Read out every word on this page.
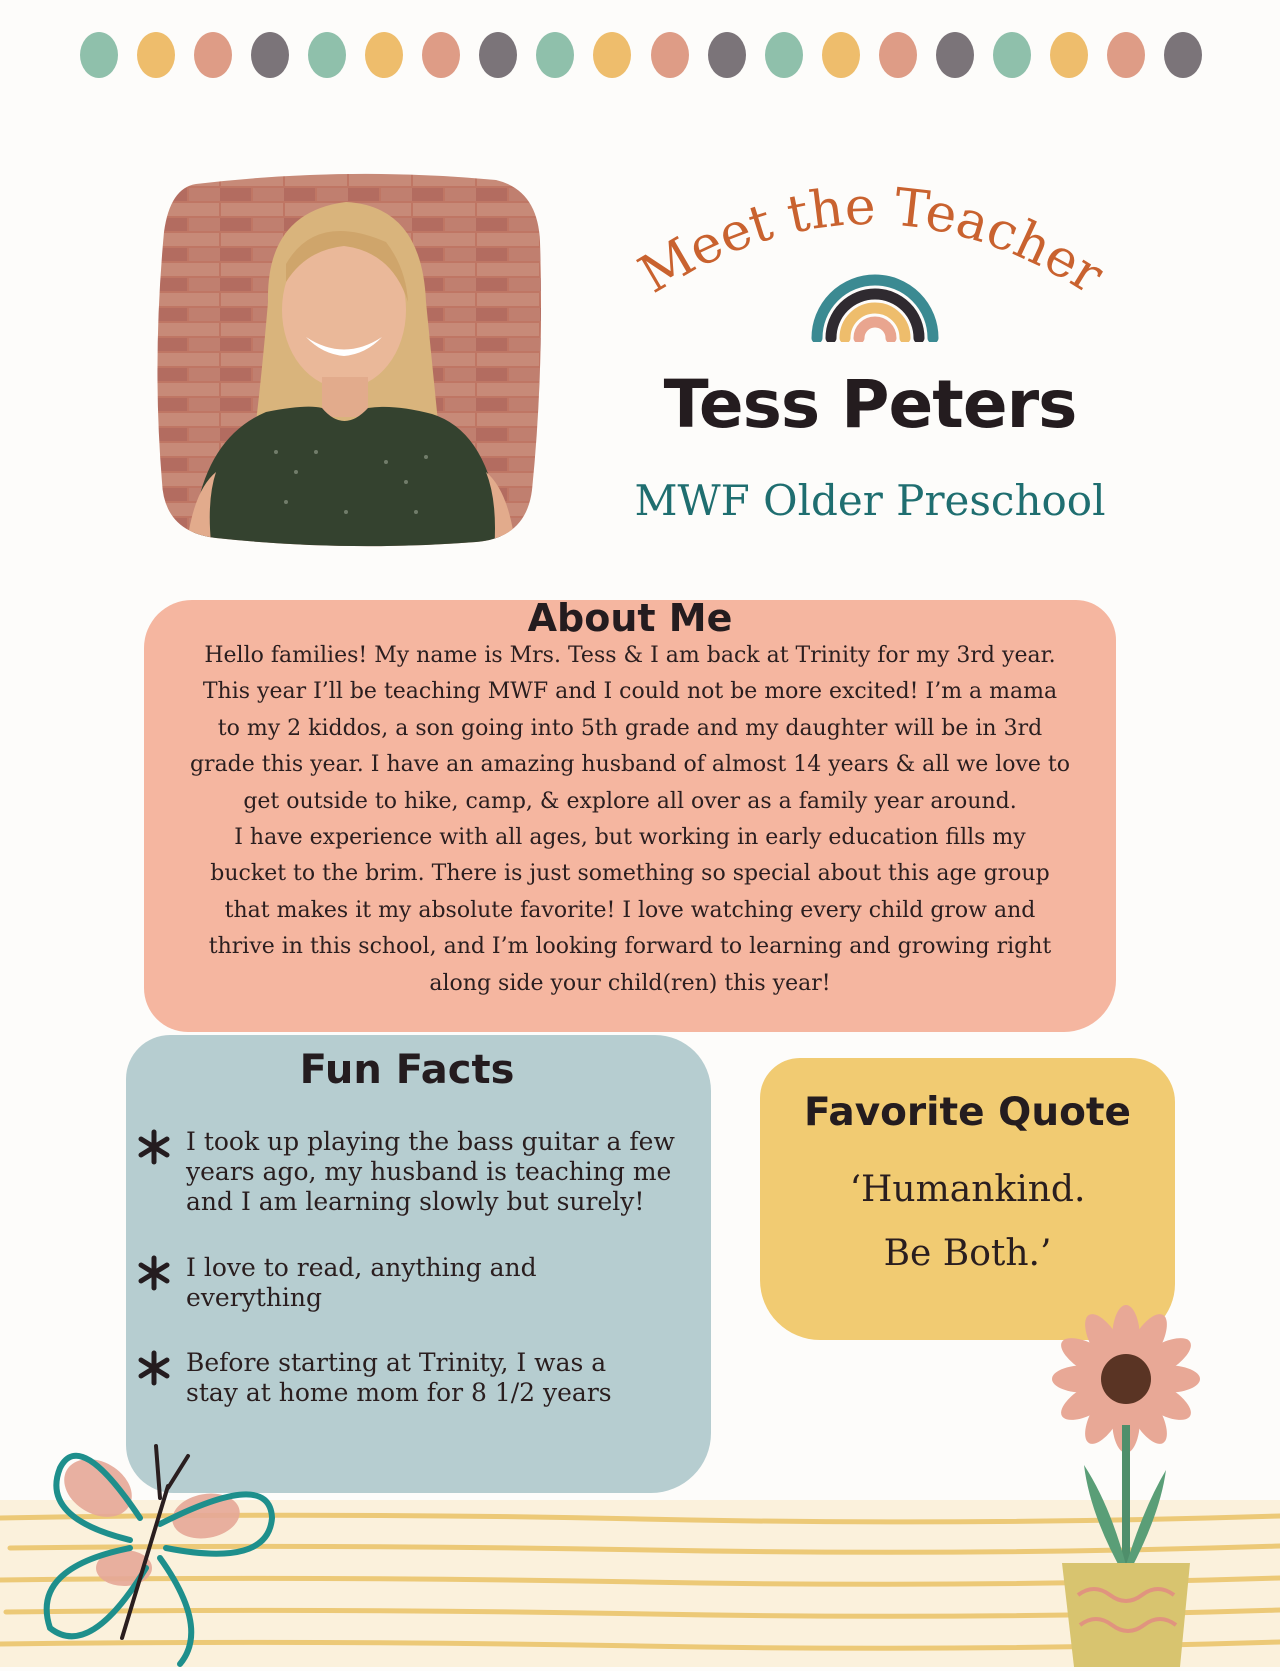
Meet the Teacher
Tess Peters
MWF Older Preschool
About Me

Hello families! My name is Mrs. Tess & I am back at Trinity for my 3rd year.
This year I’ll be teaching MWF and I could not be more excited! I’m a mama
to my 2 kiddos, a son going into 5th grade and my daughter will be in 3rd
grade this year. I have an amazing husband of almost 14 years & all we love to
get outside to hike, camp, & explore all over as a family year around.
I have experience with all ages, but working in early education fills my
bucket to the brim. There is just something so special about this age group
that makes it my absolute favorite! I love watching every child grow and
thrive in this school, and I’m looking forward to learning and growing right
along side your child(ren) this year!

Fun Facts
I took up playing the bass guitar a few
years ago, my husband is teaching me
and I am learning slowly but surely!
I love to read, anything and
everything
Before starting at Trinity, I was a
stay at home mom for 8 1/2 years
Favorite Quote

‘Humankind.
Be Both.’
